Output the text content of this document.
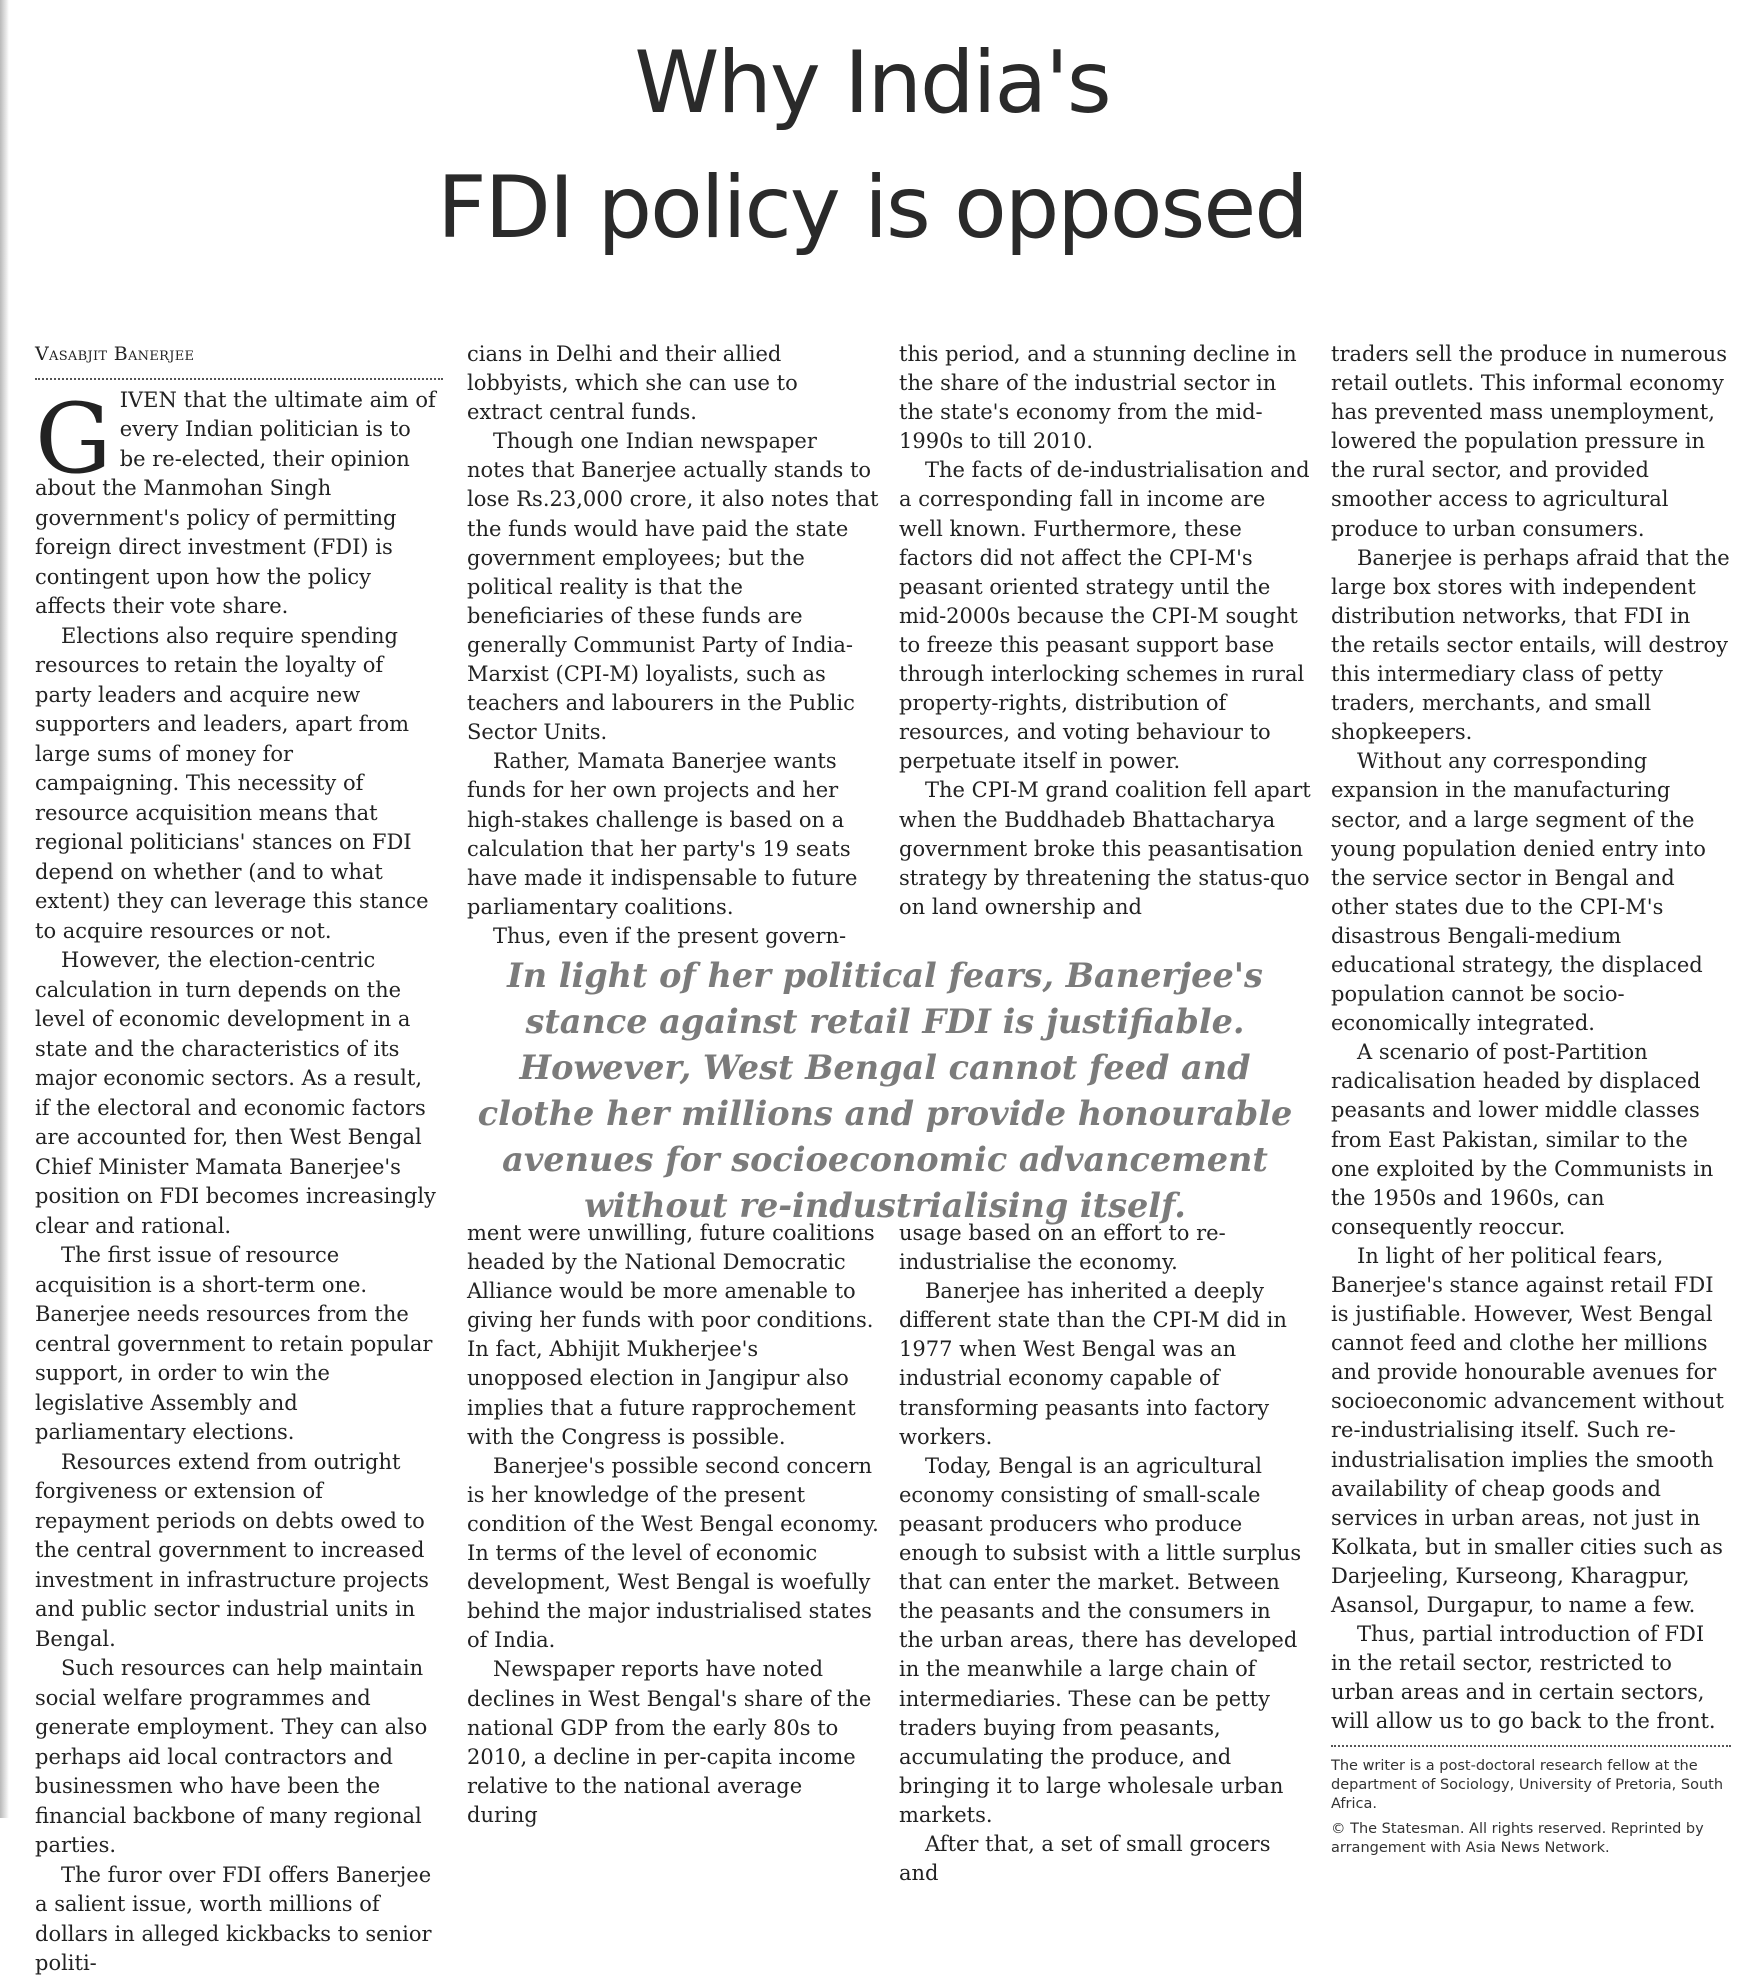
Why India's
FDI policy is opposed

Vasabjit Banerjee

GIVEN that the ultimate aim of every Indian politician is to be re-elected, their opinion about the Manmohan Singh government's policy of permitting foreign direct investment (FDI) is contingent upon how the policy affects their vote share.

Elections also require spending resources to retain the loyalty of party leaders and acquire new supporters and leaders, apart from large sums of money for campaigning. This necessity of resource acquisition means that regional politicians' stances on FDI depend on whether (and to what extent) they can leverage this stance to acquire resources or not.

However, the election-centric calculation in turn depends on the level of economic development in a state and the characteristics of its major economic sectors. As a result, if the electoral and economic factors are accounted for, then West Bengal Chief Minister Mamata Banerjee's position on FDI becomes increasingly clear and rational.

The first issue of resource acquisition is a short-term one. Banerjee needs resources from the central government to retain popular support, in order to win the legislative Assembly and parliamentary elections.

Resources extend from outright forgiveness or extension of repayment periods on debts owed to the central government to increased investment in infrastructure projects and public sector industrial units in Bengal.

Such resources can help maintain social welfare programmes and generate employment. They can also perhaps aid local contractors and businessmen who have been the financial backbone of many regional parties.

The furor over FDI offers Banerjee a salient issue, worth millions of dollars in alleged kickbacks to senior politi-

cians in Delhi and their allied lobbyists, which she can use to extract central funds.

Though one Indian newspaper notes that Banerjee actually stands to lose Rs.23,000 crore, it also notes that the funds would have paid the state government employees; but the political reality is that the beneficiaries of these funds are generally Communist Party of India-Marxist (CPI-M) loyalists, such as teachers and labourers in the Public Sector Units.

Rather, Mamata Banerjee wants funds for her own projects and her high-stakes challenge is based on a calculation that her party's 19 seats have made it indispensable to future parliamentary coalitions.

Thus, even if the present govern-

this period, and a stunning decline in the share of the industrial sector in the state's economy from the mid-1990s to till 2010.

The facts of de-industrialisation and a corresponding fall in income are well known. Furthermore, these factors did not affect the CPI-M's peasant oriented strategy until the mid-2000s because the CPI-M sought to freeze this peasant support base through interlocking schemes in rural property-rights, distribution of resources, and voting behaviour to perpetuate itself in power.

The CPI-M grand coalition fell apart when the Buddhadeb Bhattacharya government broke this peasantisation strategy by threatening the status-quo on land ownership and

In light of her political fears, Banerjee's stance against retail FDI is justifiable. However, West Bengal cannot feed and clothe her millions and provide honourable avenues for socioeconomic advancement without re-industrialising itself.

ment were unwilling, future coalitions headed by the National Democratic Alliance would be more amenable to giving her funds with poor conditions. In fact, Abhijit Mukherjee's unopposed election in Jangipur also implies that a future rapprochement with the Congress is possible.

Banerjee's possible second concern is her knowledge of the present condition of the West Bengal economy. In terms of the level of economic development, West Bengal is woefully behind the major industrialised states of India.

Newspaper reports have noted declines in West Bengal's share of the national GDP from the early 80s to 2010, a decline in per-capita income relative to the national average during

usage based on an effort to re-industrialise the economy.

Banerjee has inherited a deeply different state than the CPI-M did in 1977 when West Bengal was an industrial economy capable of transforming peasants into factory workers.

Today, Bengal is an agricultural economy consisting of small-scale peasant producers who produce enough to subsist with a little surplus that can enter the market. Between the peasants and the consumers in the urban areas, there has developed in the meanwhile a large chain of intermediaries. These can be petty traders buying from peasants, accumulating the produce, and bringing it to large wholesale urban markets.

After that, a set of small grocers and

traders sell the produce in numerous retail outlets. This informal economy has prevented mass unemployment, lowered the population pressure in the rural sector, and provided smoother access to agricultural produce to urban consumers.

Banerjee is perhaps afraid that the large box stores with independent distribution networks, that FDI in the retails sector entails, will destroy this intermediary class of petty traders, merchants, and small shopkeepers.

Without any corresponding expansion in the manufacturing sector, and a large segment of the young population denied entry into the service sector in Bengal and other states due to the CPI-M's disastrous Bengali-medium educational strategy, the displaced population cannot be socio-economically integrated.

A scenario of post-Partition radicalisation headed by displaced peasants and lower middle classes from East Pakistan, similar to the one exploited by the Communists in the 1950s and 1960s, can consequently reoccur.

In light of her political fears, Banerjee's stance against retail FDI is justifiable. However, West Bengal cannot feed and clothe her millions and provide honourable avenues for socioeconomic advancement without re-industrialising itself. Such re-industrialisation implies the smooth availability of cheap goods and services in urban areas, not just in Kolkata, but in smaller cities such as Darjeeling, Kurseong, Kharagpur, Asansol, Durgapur, to name a few.

Thus, partial introduction of FDI in the retail sector, restricted to urban areas and in certain sectors, will allow us to go back to the front.

The writer is a post-doctoral research fellow at the department of Sociology, University of Pretoria, South Africa.

© The Statesman. All rights reserved. Reprinted by arrangement with Asia News Network.
